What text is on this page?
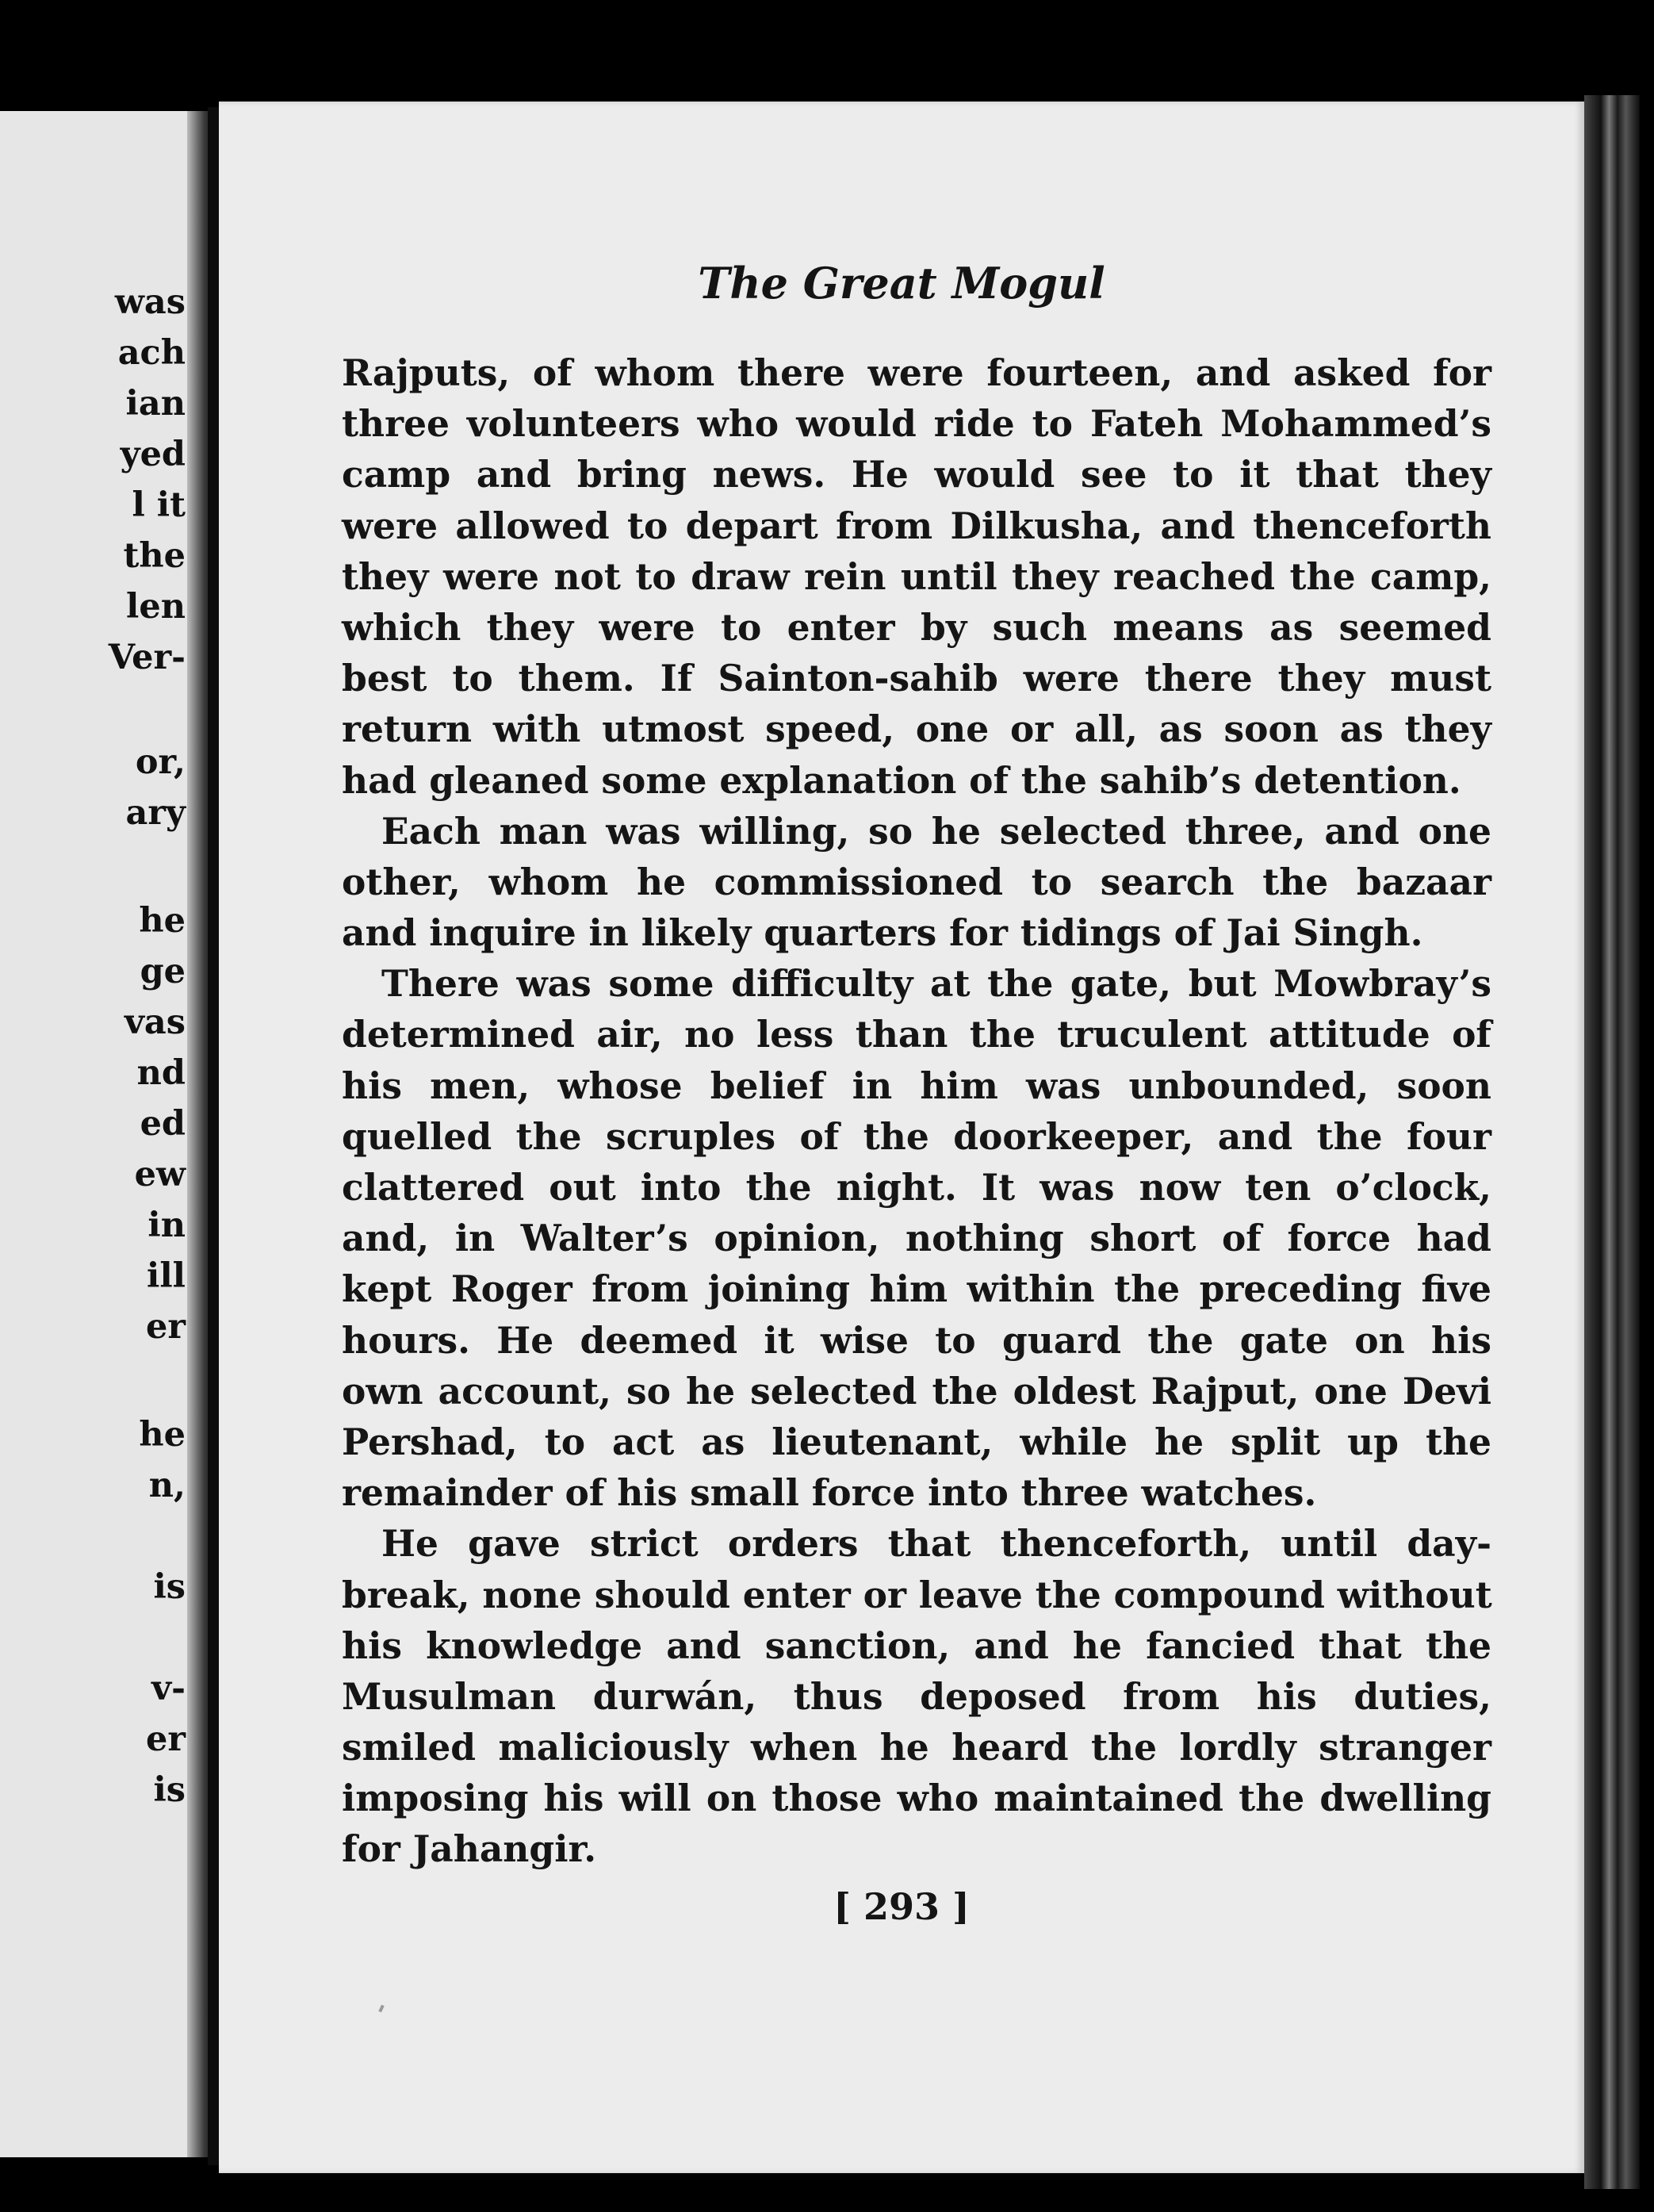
was
ach
ian
yed
l it
the
len
Ver-
or,
ary
he
ge
vas
nd
ed
ew
in
ill
er
he
n,
is
v-
er
is
The Great Mogul
Rajputs, of whom there were fourteen, and asked for
three volunteers who would ride to Fateh Mohammed’s
camp and bring news. He would see to it that they
were allowed to depart from Dilkusha, and thenceforth
they were not to draw rein until they reached the camp,
which they were to enter by such means as seemed
best to them. If Sainton-sahib were there they must
return with utmost speed, one or all, as soon as they
had gleaned some explanation of the sahib’s detention.
Each man was willing, so he selected three, and one
other, whom he commissioned to search the bazaar
and inquire in likely quarters for tidings of Jai Singh.
There was some difficulty at the gate, but Mowbray’s
determined air, no less than the truculent attitude of
his men, whose belief in him was unbounded, soon
quelled the scruples of the doorkeeper, and the four
clattered out into the night. It was now ten o’clock,
and, in Walter’s opinion, nothing short of force had
kept Roger from joining him within the preceding five
hours. He deemed it wise to guard the gate on his
own account, so he selected the oldest Rajput, one Devi
Pershad, to act as lieutenant, while he split up the
remainder of his small force into three watches.
He gave strict orders that thenceforth, until day-
break, none should enter or leave the compound without
his knowledge and sanction, and he fancied that the
Musulman durwán, thus deposed from his duties,
smiled maliciously when he heard the lordly stranger
imposing his will on those who maintained the dwelling
for Jahangir.
[ 293 ]
